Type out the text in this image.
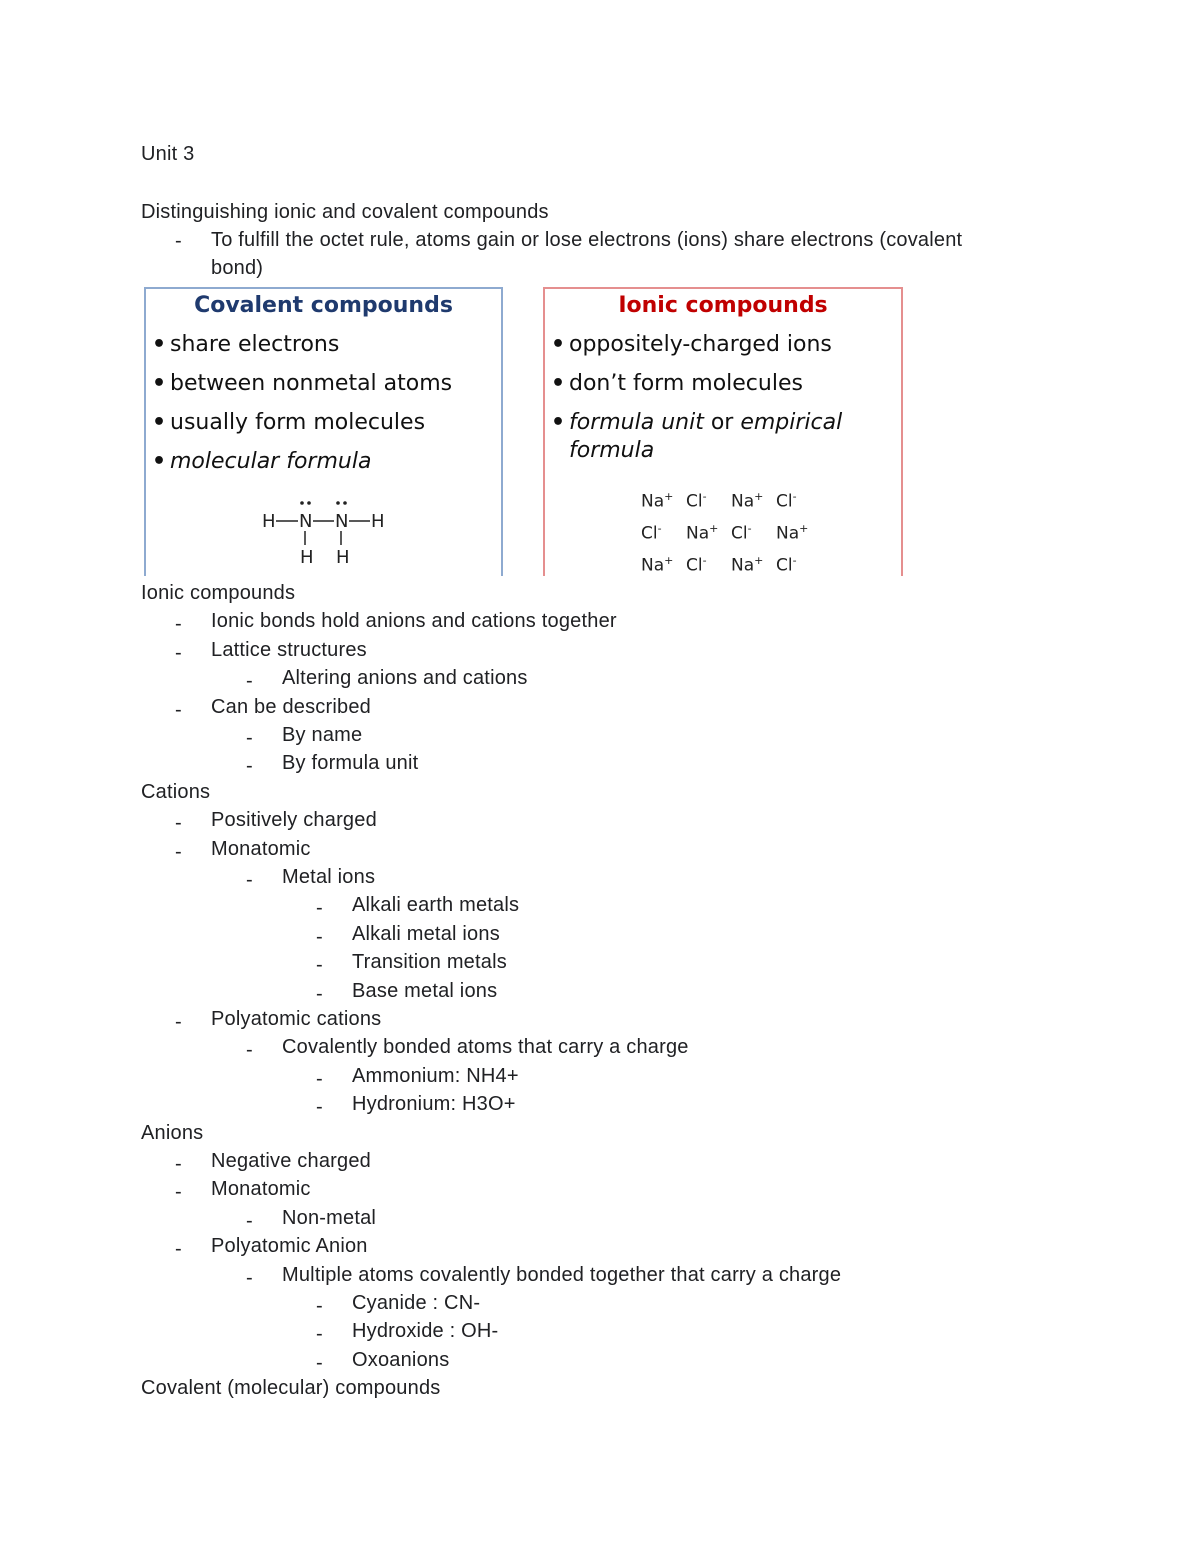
Unit 3
Distinguishing ionic and covalent compounds
- To fulfill the octet rule, atoms gain or lose electrons (ions) share electrons (covalent bond)
Covalent compounds
• share electrons
• between nonmetal atoms
• usually form molecules
• molecular formula
H N N H
H H
Ionic compounds
• oppositely-charged ions
• don’t form molecules
• formula unit or empirical
formula
Na+ Cl-	Na+ Cl-
Cl-	Na+ Cl-	Na+
Na+ Cl-	Na+ Cl-
Ionic compounds
- Ionic bonds hold anions and cations together
- Lattice structures
- Altering anions and cations
- Can be described
- By name
- By formula unit
Cations
- Positively charged
- Monatomic
- Metal ions
- Alkali earth metals
- Alkali metal ions
- Transition metals
- Base metal ions
- Polyatomic cations
- Covalently bonded atoms that carry a charge
- Ammonium: NH4+
- Hydronium: H3O+
Anions
- Negative charged
- Monatomic
- Non-metal
- Polyatomic Anion
- Multiple atoms covalently bonded together that carry a charge
- Cyanide : CN-
- Hydroxide : OH-
- Oxoanions
Covalent (molecular) compounds
